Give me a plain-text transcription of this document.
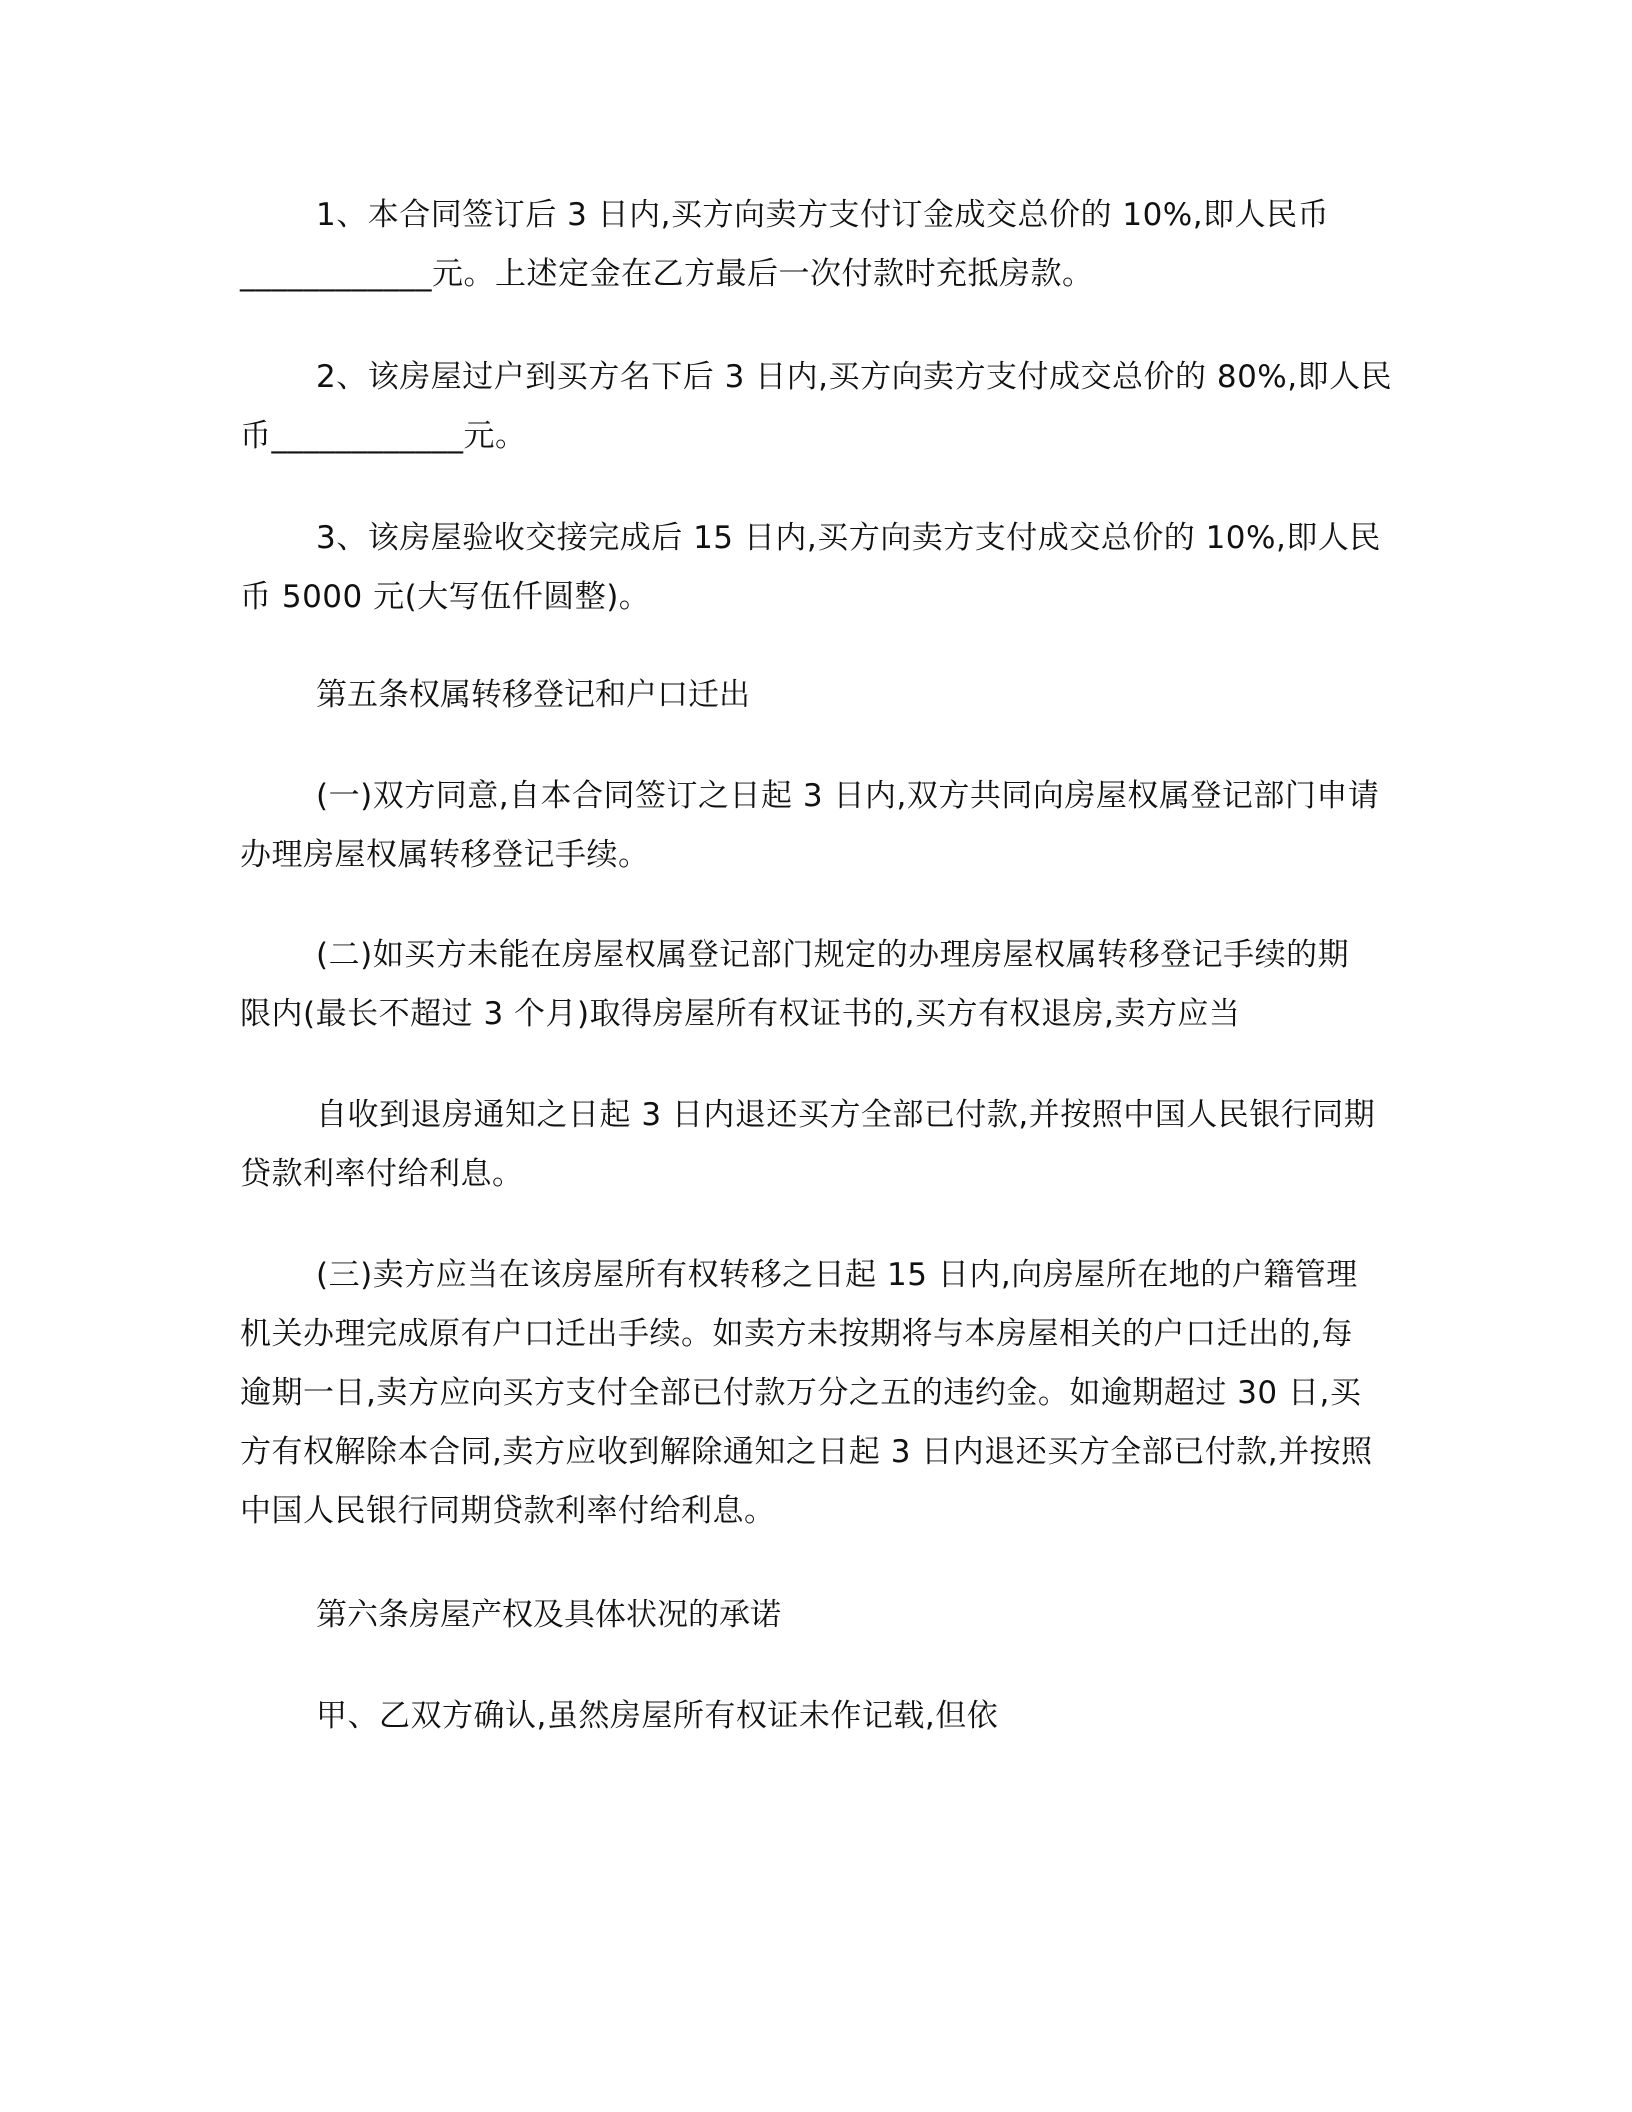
1、本合同签订后 3 日内,买方向卖方支付订金成交总价的 10%,即人民币
____________元。上述定金在乙方最后一次付款时充抵房款。
2、该房屋过户到买方名下后 3 日内,买方向卖方支付成交总价的 80%,即人民
币____________元。
3、该房屋验收交接完成后 15 日内,买方向卖方支付成交总价的 10%,即人民
币 5000 元(大写伍仟圆整)。
第五条权属转移登记和户口迁出
(一)双方同意,自本合同签订之日起 3 日内,双方共同向房屋权属登记部门申请
办理房屋权属转移登记手续。
(二)如买方未能在房屋权属登记部门规定的办理房屋权属转移登记手续的期
限内(最长不超过 3 个月)取得房屋所有权证书的,买方有权退房,卖方应当
自收到退房通知之日起 3 日内退还买方全部已付款,并按照中国人民银行同期
贷款利率付给利息。
(三)卖方应当在该房屋所有权转移之日起 15 日内,向房屋所在地的户籍管理
机关办理完成原有户口迁出手续。如卖方未按期将与本房屋相关的户口迁出的,每
逾期一日,卖方应向买方支付全部已付款万分之五的违约金。如逾期超过 30 日,买
方有权解除本合同,卖方应收到解除通知之日起 3 日内退还买方全部已付款,并按照
中国人民银行同期贷款利率付给利息。
第六条房屋产权及具体状况的承诺
甲、乙双方确认,虽然房屋所有权证未作记载,但依
